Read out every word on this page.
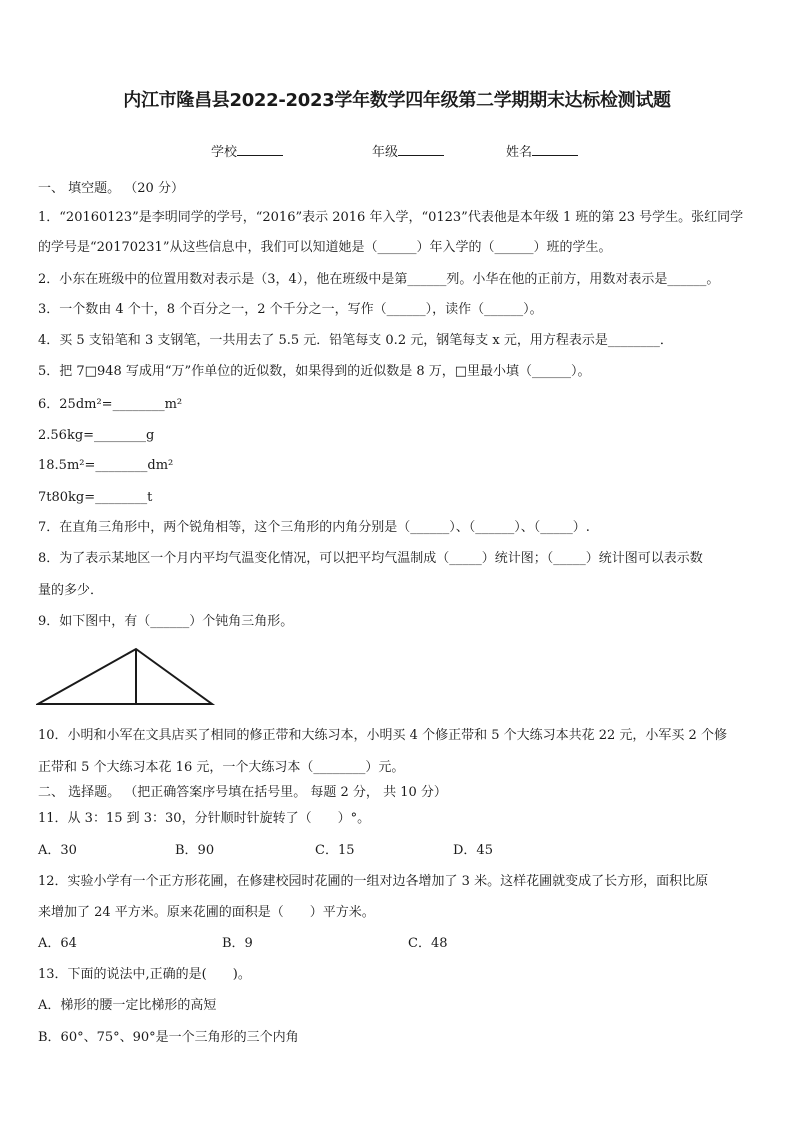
内江市隆昌县2022-2023学年数学四年级第二学期期末达标检测试题
学校	年级	姓名
一、 填空题。 （20 分）
1．“20160123”是李明同学的学号，“2016”表示 2016 年入学，“0123”代表他是本年级 1 班的第 23 号学生。张红同学
的学号是“20170231”从这些信息中，我们可以知道她是（______）年入学的（______）班的学生。
2．小东在班级中的位置用数对表示是（3，4），他在班级中是第______列。小华在他的正前方，用数对表示是______。
3．一个数由 4 个十，8 个百分之一，2 个千分之一，写作（______），读作（______）。
4．买 5 支铅笔和 3 支钢笔，一共用去了 5.5 元．铅笔每支 0.2 元，钢笔每支 x 元，用方程表示是________．
5．把 7□948 写成用“万”作单位的近似数，如果得到的近似数是 8 万，□里最小填（______）。
6．25dm²=________m²
2.56kg=________g
18.5m²=________dm²
7t80kg=________t
7．在直角三角形中，两个锐角相等，这个三角形的内角分别是（______）、（______）、（_____）.
8．为了表示某地区一个月内平均气温变化情况，可以把平均气温制成（_____）统计图；（_____）统计图可以表示数
量的多少．
9．如下图中，有（______）个钝角三角形。
10．小明和小军在文具店买了相同的修正带和大练习本，小明买 4 个修正带和 5 个大练习本共花 22 元，小军买 2 个修
正带和 5 个大练习本花 16 元，一个大练习本（________）元。
二、 选择题。 （把正确答案序号填在括号里。 每题 2 分， 共 10 分）
11．从 3：15 到 3：30，分针顺时针旋转了（　　）°。
A．30	B．90	C．15	D．45
12．实验小学有一个正方形花圃，在修建校园时花圃的一组对边各增加了 3 米。这样花圃就变成了长方形，面积比原
来增加了 24 平方米。原来花圃的面积是（　　）平方米。
A．64	B．9	C．48
13．下面的说法中,正确的是(　　)。
A．梯形的腰一定比梯形的高短
B．60°、75°、90°是一个三角形的三个内角
